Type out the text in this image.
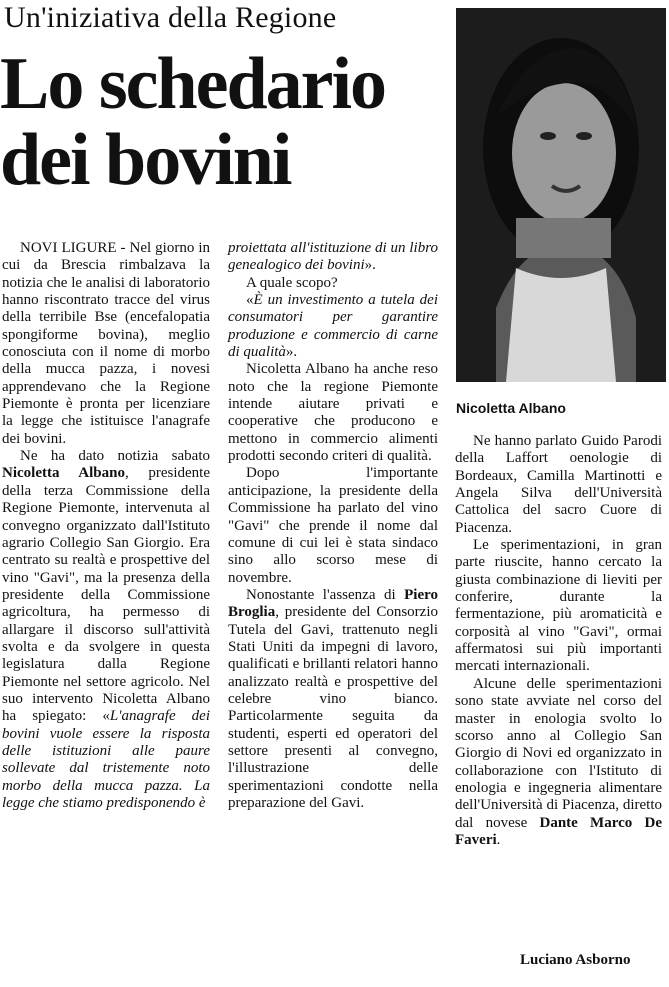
Un'iniziativa della Regione
Lo schedario dei bovini

NOVI LIGURE - Nel giorno in cui da Brescia rimbalzava la notizia che le analisi di laboratorio hanno riscontrato tracce del virus della terribile Bse (encefalopatia spongiforme bovina), meglio conosciuta con il nome di morbo della mucca pazza, i novesi apprendevano che la Regione Piemonte è pronta per licenziare la legge che istituisce l'anagrafe dei bovini.

Ne ha dato notizia sabato Nicoletta Albano, presidente della terza Commissione della Regione Piemonte, intervenuta al convegno organizzato dall'Istituto agrario Collegio San Giorgio. Era centrato su realtà e prospettive del vino "Gavi", ma la presenza della presidente della Commissione agricoltura, ha permesso di allargare il discorso sull'attività svolta e da svolgere in questa legislatura dalla Regione Piemonte nel settore agricolo. Nel suo intervento Nicoletta Albano ha spiegato: «L'anagrafe dei bovini vuole essere la risposta delle istituzioni alle paure sollevate dal tristemente noto morbo della mucca pazza. La legge che stiamo predisponendo è

proiettata all'istituzione di un libro genealogico dei bovini».

A quale scopo?

«È un investimento a tutela dei consumatori per garantire produzione e commercio di carne di qualità».

Nicoletta Albano ha anche reso noto che la regione Piemonte intende aiutare privati e cooperative che producono e mettono in commercio alimenti prodotti secondo criteri di qualità.

Dopo l'importante anticipazione, la presidente della Commissione ha parlato del vino "Gavi" che prende il nome dal comune di cui lei è stata sindaco sino allo scorso mese di novembre.

Nonostante l'assenza di Piero Broglia, presidente del Consorzio Tutela del Gavi, trattenuto negli Stati Uniti da impegni di lavoro, qualificati e brillanti relatori hanno analizzato realtà e prospettive del celebre vino bianco. Particolarmente seguita da studenti, esperti ed operatori del settore presenti al convegno, l'illustrazione delle sperimentazioni condotte nella preparazione del Gavi.

Nicoletta Albano

Ne hanno parlato Guido Parodi della Laffort oenologie di Bordeaux, Camilla Martinotti e Angela Silva dell'Università Cattolica del sacro Cuore di Piacenza.

Le sperimentazioni, in gran parte riuscite, hanno cercato la giusta combinazione di lieviti per conferire, durante la fermentazione, più aromaticità e corposità al vino "Gavi", ormai affermatosi sui più importanti mercati internazionali.

Alcune delle sperimentazioni sono state avviate nel corso del master in enologia svolto lo scorso anno al Collegio San Giorgio di Novi ed organizzato in collaborazione con l'Istituto di enologia e ingegneria alimentare dell'Università di Piacenza, diretto dal novese Dante Marco De Faveri.

Luciano Asborno
